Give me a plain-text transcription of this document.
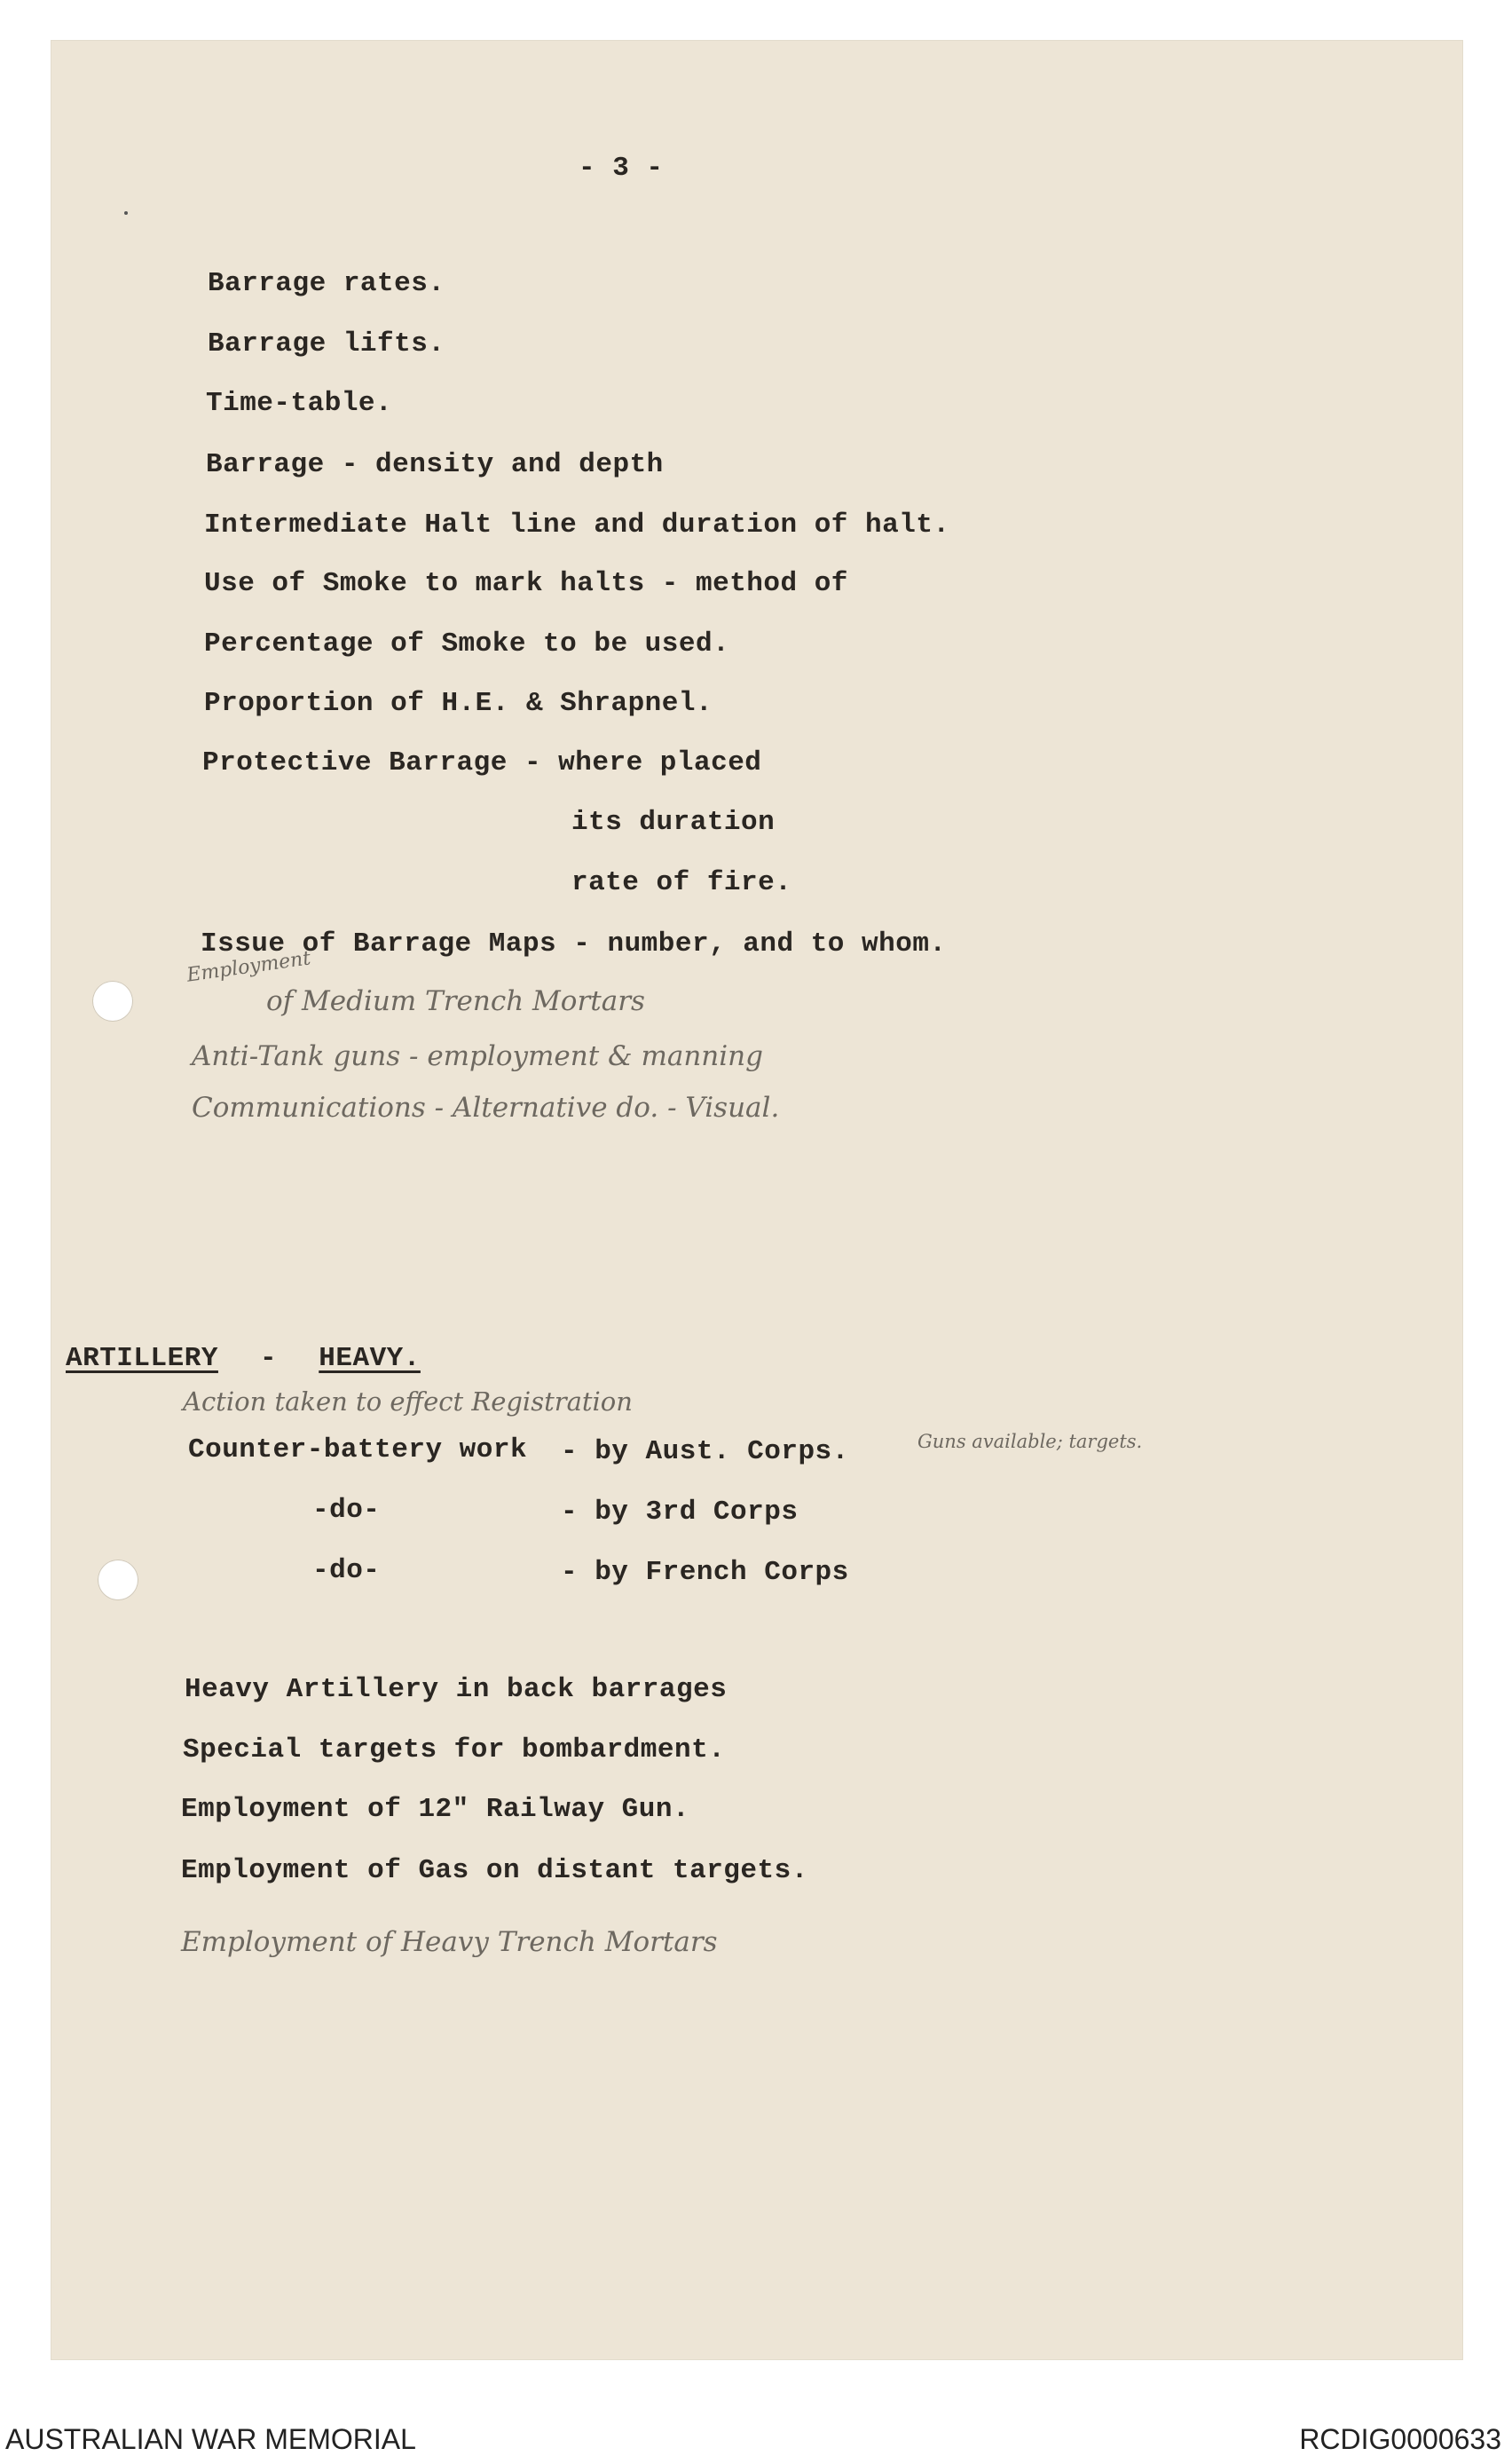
- 3 -
Barrage rates.
Barrage lifts.
Time-table.
Barrage - density and depth
Intermediate Halt line and duration of halt.
Use of Smoke to mark halts - method of
Percentage of Smoke to be used.
Proportion of H.E. & Shrapnel.
Protective Barrage - where placed
its duration
rate of fire.
Issue of Barrage Maps - number, and to whom.
Employment
of Medium Trench Mortars
Anti-Tank guns - employment & manning
Communications - Alternative do. - Visual.
ARTILLERY - HEAVY.
Action taken to effect Registration
Counter-battery work - by Aust. Corps.	Guns available; targets.
-do-	- by 3rd Corps
-do-	- by French Corps
Heavy Artillery in back barrages
Special targets for bombardment.
Employment of 12" Railway Gun.
Employment of Gas on distant targets.
Employment of Heavy Trench Mortars
AUSTRALIAN WAR MEMORIAL	RCDIG0000633
